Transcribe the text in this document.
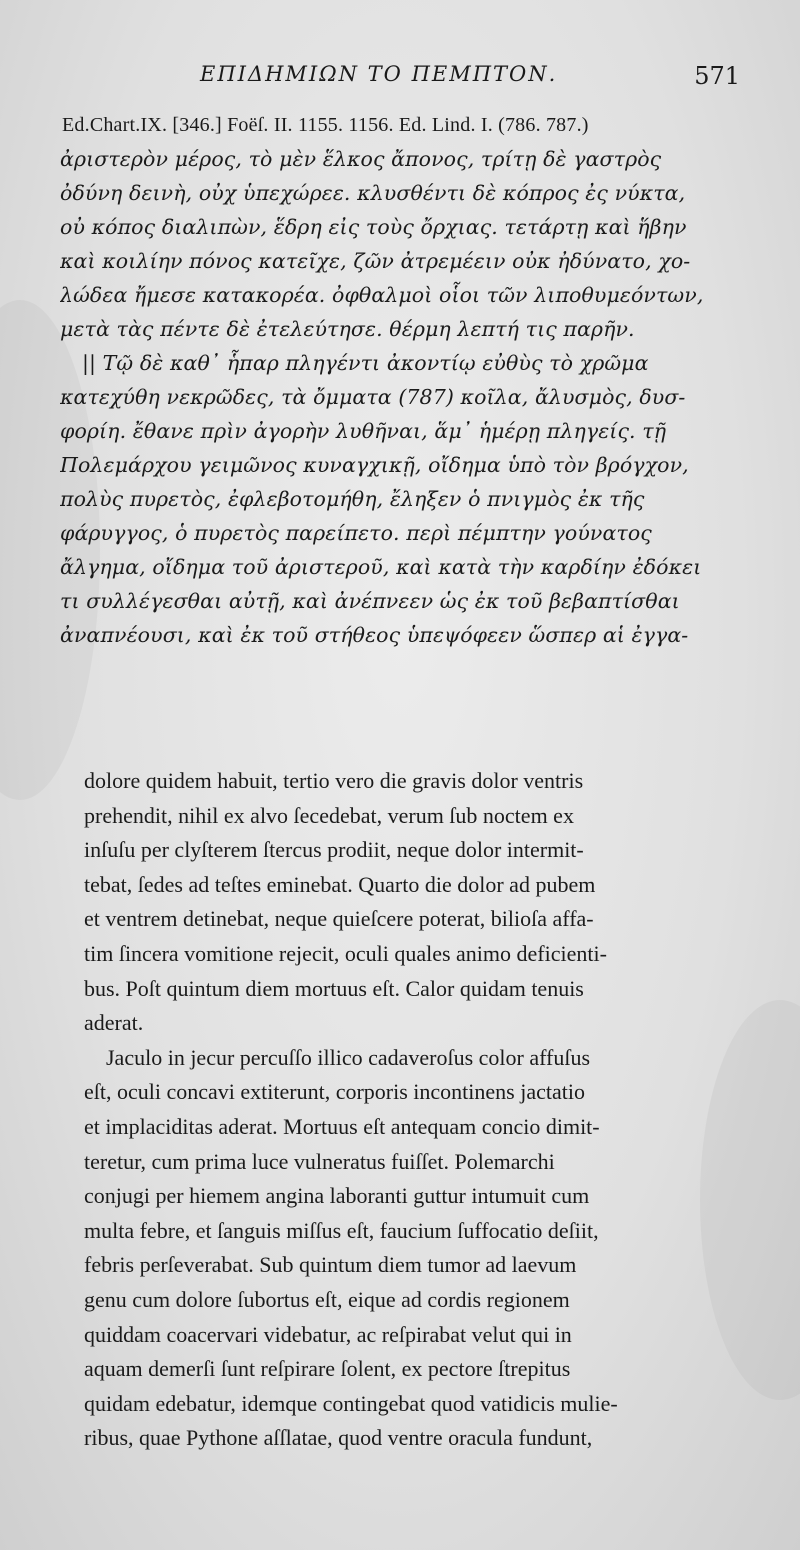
ΕΠΙΔΗΜΙΩΝ ΤΟ ΠΕΜΠΤΟΝ.	571
Ed.Chart.IX. [346.] Foëſ. II. 1155. 1156. Ed. Lind. I. (786. 787.)
ἀριστερὸν μέρος, τὸ μὲν ἕλκος ἄπονος, τρίτῃ δὲ γαστρὸς
ὀδύνη δεινὴ, οὐχ ὑπεχώρεε. κλυσθέντι δὲ κόπρος ἐς νύκτα,
οὐ κόπος διαλιπὼν, ἕδρη εἰς τοὺς ὄρχιας. τετάρτῃ καὶ ἥβην
καὶ κοιλίην πόνος κατεῖχε, ζῶν ἀτρεμέειν οὐκ ἠδύνατο, χο-
λώδεα ἤμεσε κατακορέα. ὀφθαλμοὶ οἷοι τῶν λιποθυμεόντων,
μετὰ τὰς πέντε δὲ ἐτελεύτησε. θέρμη λεπτή τις παρῆν.
|| Τῷ δὲ καθ᾽ ἧπαρ πληγέντι ἀκοντίῳ εὐθὺς τὸ χρῶμα
κατεχύθη νεκρῶδες, τὰ ὄμματα (787) κοῖλα, ἄλυσμὸς, δυσ-
φορίη. ἔθανε πρὶν ἀγορὴν λυθῆναι, ἅμ᾽ ἡμέρῃ πληγείς. τῇ
Πολεμάρχου γειμῶνος κυναγχικῇ, οἴδημα ὑπὸ τὸν βρόγχον,
πολὺς πυρετὸς, ἐφλεβοτομήθη, ἔληξεν ὁ πνιγμὸς ἐκ τῆς
φάρυγγος, ὁ πυρετὸς παρείπετο. περὶ πέμπτην γούνατος
ἄλγημα, οἴδημα τοῦ ἀριστεροῦ, καὶ κατὰ τὴν καρδίην ἐδόκει
τι συλλέγεσθαι αὐτῇ, καὶ ἀνέπνεεν ὡς ἐκ τοῦ βεβαπτίσθαι
ἀναπνέουσι, καὶ ἐκ τοῦ στήθεος ὑπεψόφεεν ὥσπερ αἱ ἐγγα-
dolore quidem habuit, tertio vero die gravis dolor ventris
prehendit, nihil ex alvo ſecedebat, verum ſub noctem ex
inſuſu per clyſterem ſtercus prodiit, neque dolor intermit-
tebat, ſedes ad teſtes eminebat. Quarto die dolor ad pubem
et ventrem detinebat, neque quieſcere poterat, bilioſa affa-
tim ſincera vomitione rejecit, oculi quales animo deficienti-
bus. Poſt quintum diem mortuus eſt. Calor quidam tenuis
aderat.
Jaculo in jecur percuſſo illico cadaveroſus color affuſus
eſt, oculi concavi extiterunt, corporis incontinens jactatio
et implaciditas aderat. Mortuus eſt antequam concio dimit-
teretur, cum prima luce vulneratus fuiſſet. Polemarchi
conjugi per hiemem angina laboranti guttur intumuit cum
multa febre, et ſanguis miſſus eſt, faucium ſuffocatio deſiit,
febris perſeverabat. Sub quintum diem tumor ad laevum
genu cum dolore ſubortus eſt, eique ad cordis regionem
quiddam coacervari videbatur, ac reſpirabat velut qui in
aquam demerſi ſunt reſpirare ſolent, ex pectore ſtrepitus
quidam edebatur, idemque contingebat quod vatidicis mulie-
ribus, quae Pythone aſſlatae, quod ventre oracula fundunt,
